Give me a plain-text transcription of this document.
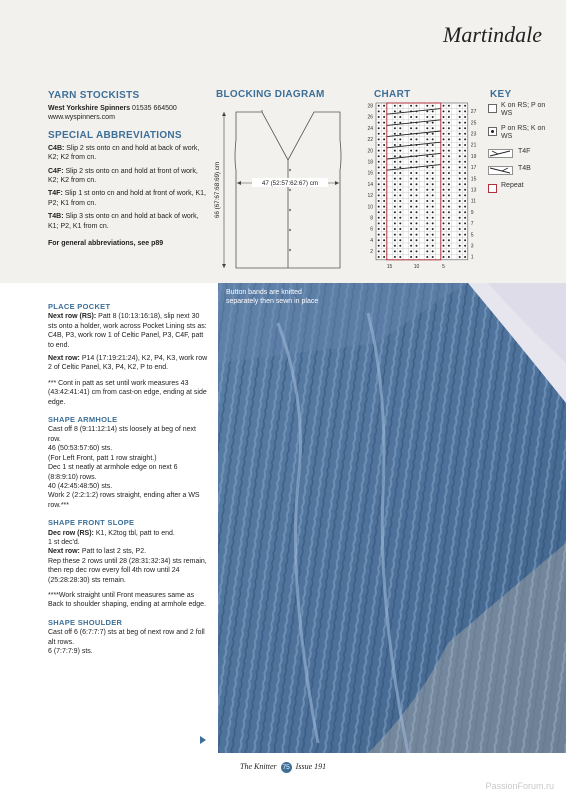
Martindale
YARN STOCKISTS
West Yorkshire Spinners 01535 664500
www.wyspinners.com
SPECIAL ABBREVIATIONS

C4B: Slip 2 sts onto cn and hold at back of work, K2; K2 from cn.

C4F: Slip 2 sts onto cn and hold at front of work, K2; K2 from cn.

T4F: Slip 1 st onto cn and hold at front of work, K1, P2; K1 from cn.

T4B: Slip 3 sts onto cn and hold at back of work, K1; P2, K1 from cn.

For general abbreviations, see p89

BLOCKING DIAGRAM
47 (52:57:62:67) cm
66 (67:67:68:69) cm
CHART
28
26
24
22
20
18
16
14
12
10
8
6
4
2
27
25
23
21
19
17
15
13
11
9
7
5
3
1
15	10	5
KEY
K on RS; P on WS
P on RS; K on WS
T4F
T4B
Repeat
PLACE POCKET

Next row (RS): Patt 8 (10:13:16:18), slip next 30 sts onto a holder, work across Pocket Lining sts as: C4B, P3, work row 1 of Celtic Panel, P3, C4F, patt to end.

Next row: P14 (17:19:21:24), K2, P4, K3, work row 2 of Celtic Panel, K3, P4, K2, P to end.

*** Cont in patt as set until work measures 43 (43:42:41:41) cm from cast-on edge, ending at side edge.

SHAPE ARMHOLE

Cast off 8 (9:11:12:14) sts loosely at beg of next row.

46 (50:53:57:60) sts.

(For Left Front, patt 1 row straight.)

Dec 1 st neatly at armhole edge on next 6 (8:8:9:10) rows.

40 (42:45:48:50) sts.

Work 2 (2:2:1:2) rows straight, ending after a WS row.***

SHAPE FRONT SLOPE

Dec row (RS): K1, K2tog tbl, patt to end.

1 st dec'd.

Next row: Patt to last 2 sts, P2.

Rep these 2 rows until 28 (28:31:32:34) sts remain, then rep dec row every foll 4th row until 24 (25:28:28:30) sts remain.

****Work straight until Front measures same as Back to shoulder shaping, ending at armhole edge.

SHAPE SHOULDER

Cast off 6 (6:7:7:7) sts at beg of next row and 2 foll alt rows.

6 (7:7:7:9) sts.

Button bands are knitted separately then sewn in place
The Knitter 75 Issue 191
PassionForum.ru
